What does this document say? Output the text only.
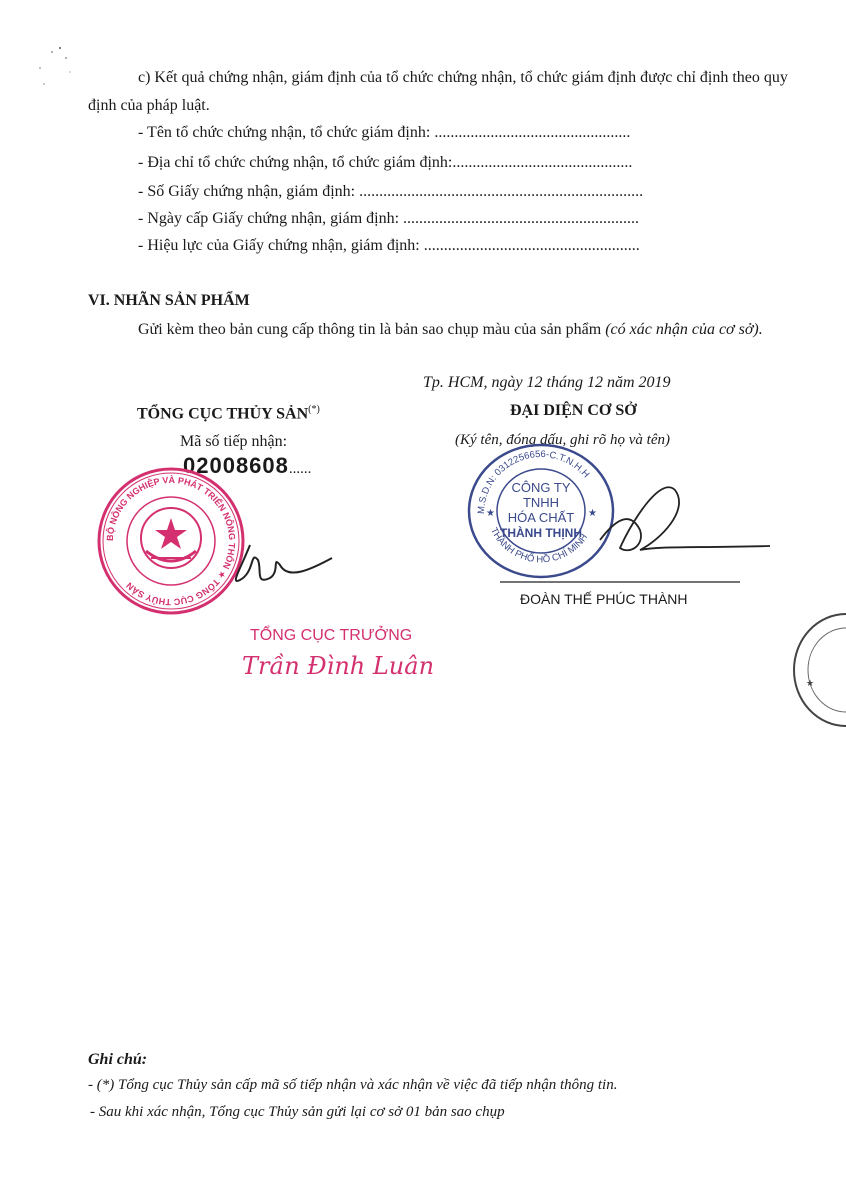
c) Kết quả chứng nhận, giám định của tổ chức chứng nhận, tổ chức giám định được chỉ định theo quy định của pháp luật.
- Tên tổ chức chứng nhận, tổ chức giám định: .................................................
- Địa chỉ tổ chức chứng nhận, tổ chức giám định:.............................................
- Số Giấy chứng nhận, giám định: .......................................................................
- Ngày cấp Giấy chứng nhận, giám định: ...........................................................
- Hiệu lực của Giấy chứng nhận, giám định: ......................................................
VI. NHÃN SẢN PHẨM
Gửi kèm theo bản cung cấp thông tin là bản sao chụp màu của sản phẩm (có xác nhận của cơ sở).
Tp. HCM, ngày 12 tháng 12 năm 2019
ĐẠI DIỆN CƠ SỞ
(Ký tên, đóng dấu, ghi rõ họ và tên)
TỔNG CỤC THỦY SẢN(*)
Mã số tiếp nhận:
02008608......
BỘ NÔNG NGHIỆP VÀ PHÁT TRIỂN NÔNG THÔN ★ TỔNG CỤC THỦY SẢN
TỔNG CỤC TRƯỞNG
Trần Đình Luân
M.S.D.N: 0312256656-C.T.N.H.H
THÀNH PHỐ HỒ CHÍ MINH
★	★
CÔNG TY
TNHH
HÓA CHẤT
THÀNH THỊNH
ĐOÀN THẾ PHÚC THÀNH
★
Ghi chú:
- (*) Tổng cục Thủy sản cấp mã số tiếp nhận và xác nhận về việc đã tiếp nhận thông tin.
- Sau khi xác nhận, Tổng cục Thủy sản gửi lại cơ sở 01 bản sao chụp
